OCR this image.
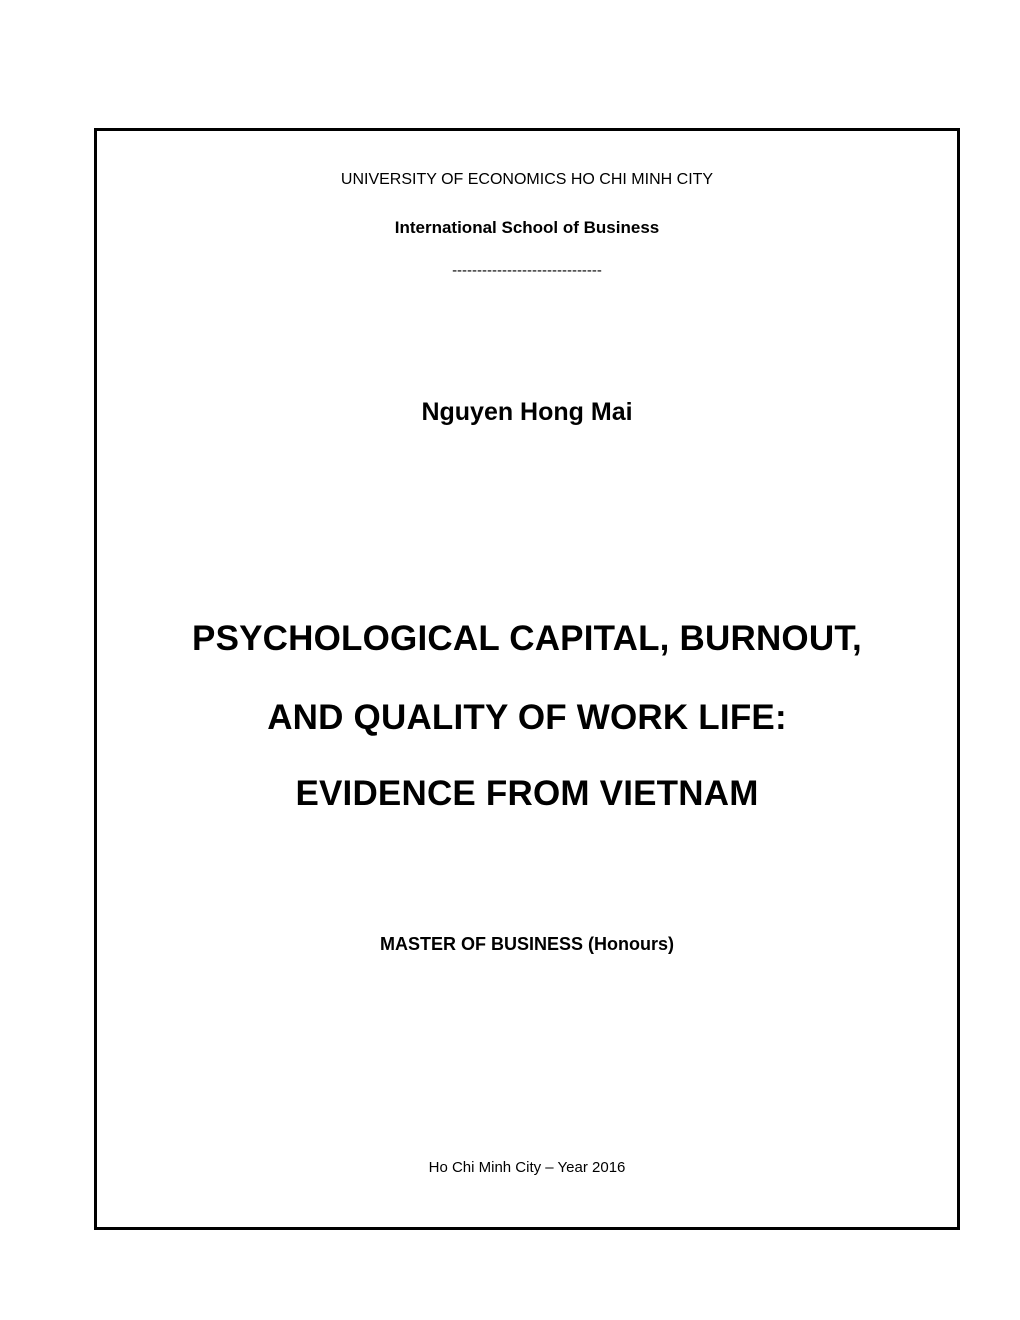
UNIVERSITY OF ECONOMICS HO CHI MINH CITY
International School of Business
------------------------------
Nguyen Hong Mai
PSYCHOLOGICAL CAPITAL, BURNOUT,
AND QUALITY OF WORK LIFE:
EVIDENCE FROM VIETNAM
MASTER OF BUSINESS (Honours)
Ho Chi Minh City – Year 2016
